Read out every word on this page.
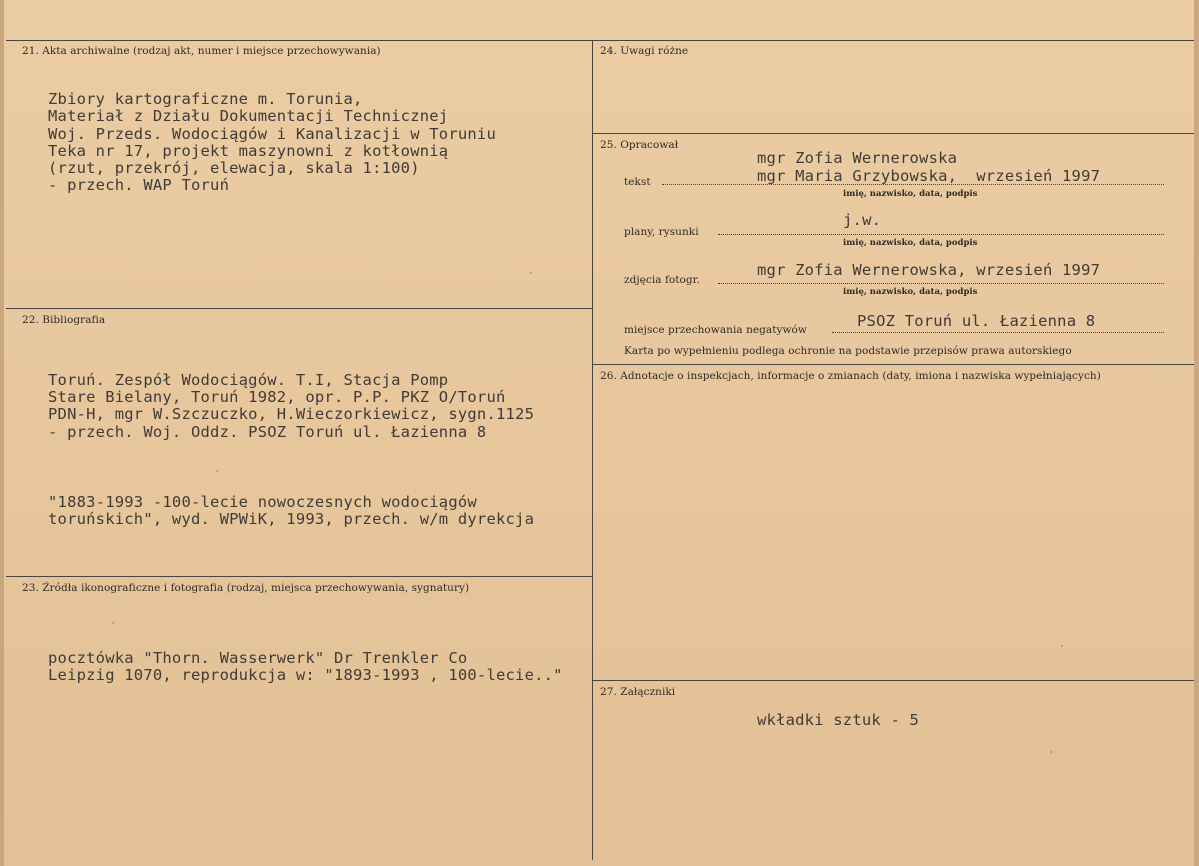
21. Akta archiwalne (rodzaj akt, numer i miejsce przechowywania)
Zbiory kartograficzne m. Torunia,
Materiał z Działu Dokumentacji Technicznej
Woj. Przeds. Wodociągów i Kanalizacji w Toruniu
Teka nr 17, projekt maszynowni z kotłownią
(rzut, przekrój, elewacja, skala 1:100)
- przech. WAP Toruń
22. Bibliografia
Toruń. Zespół Wodociągów. T.I, Stacja Pomp
Stare Bielany, Toruń 1982, opr. P.P. PKZ O/Toruń
PDN-H, mgr W.Szczuczko, H.Wieczorkiewicz, sygn.1125
- przech. Woj. Oddz. PSOZ Toruń ul. Łazienna 8
"1883-1993 -100-lecie nowoczesnych wodociągów
toruńskich", wyd. WPWiK, 1993, przech. w/m dyrekcja
23. Źródła ikonograficzne i fotografia (rodzaj, miejsca przechowywania, sygnatury)
pocztówka "Thorn. Wasserwerk" Dr Trenkler Co
Leipzig 1070, reprodukcja w: "1893-1993 , 100-lecie.."
24. Uwagi różne
25. Opracował
mgr Zofia Wernerowska
tekst	mgr Maria Grzybowska,  wrzesień 1997
imię, nazwisko, data, podpis
j.w.
plany, rysunki
imię, nazwisko, data, podpis
mgr Zofia Wernerowska, wrzesień 1997
zdjęcia fotogr.
imię, nazwisko, data, podpis
PSOZ Toruń ul. Łazienna 8
miejsce przechowania negatywów
Karta po wypełnieniu podlega ochronie na podstawie przepisów prawa autorskiego
26. Adnotacje o inspekcjach, informacje o zmianach (daty, imiona i nazwiska wypełniających)
27. Załączniki
wkładki sztuk - 5
